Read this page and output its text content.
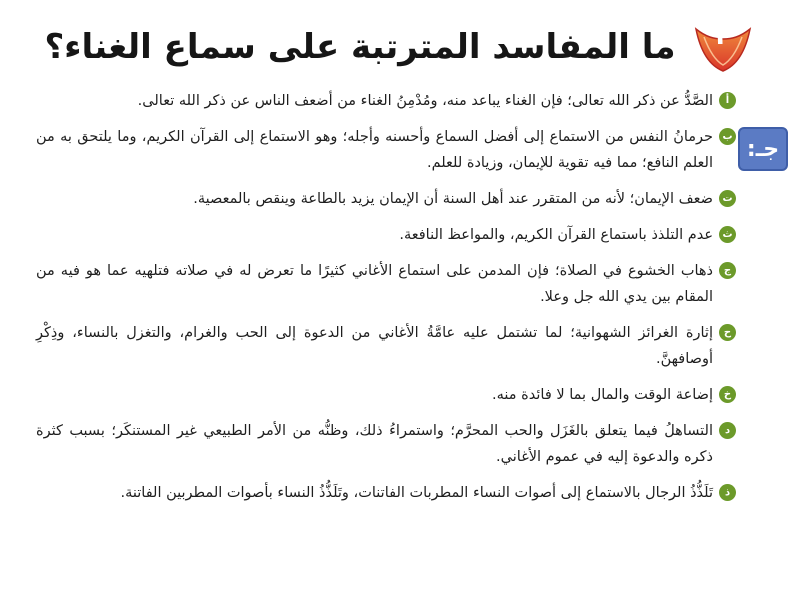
٣
ما المفاسد المترتبة على سماع الغناء؟
جـ:
أ
الصَّدُّ عن ذكر الله تعالى؛ فإن الغناء يباعد منه، ومُدْمِنُ الغناء من أضعف الناس عن ذكر الله تعالى.
ب
حرمانُ النفس من الاستماع إلى أفضل السماع وأحسنه وأجله؛ وهو الاستماع إلى القرآن الكريم، وما يلتحق به من العلم النافع؛ مما فيه تقوية للإيمان، وزيادة للعلم.
ت
ضعف الإيمان؛ لأنه من المتقرر عند أهل السنة أن الإيمان يزيد بالطاعة وينقص بالمعصية.
ث
عدم التلذذ باستماع القرآن الكريم، والمواعظ النافعة.
ج
ذهاب الخشوع في الصلاة؛ فإن المدمن على استماع الأغاني كثيرًا ما تعرض له في صلاته فتلهيه عما هو فيه من المقام بين يدي الله جل وعلا.
ح
إثارة الغرائز الشهوانية؛ لما تشتمل عليه عامَّةُ الأغاني من الدعوة إلى الحب والغرام، والتغزل بالنساء، وذِكْرِ أوصافهنَّ.
خ
إضاعة الوقت والمال بما لا فائدة منه.
د
التساهلُ فيما يتعلق بالغَزَل والحب المحرَّم؛ واستمراءُ ذلك، وظنُّه من الأمر الطبيعي غير المستنكَر؛ بسبب كثرة ذكره والدعوة إليه في عموم الأغاني.
ذ
تَلَذُّذُ الرجال بالاستماع إلى أصوات النساء المطربات الفاتنات، وتَلَذُّذُ النساء بأصوات المطربين الفاتنة.
